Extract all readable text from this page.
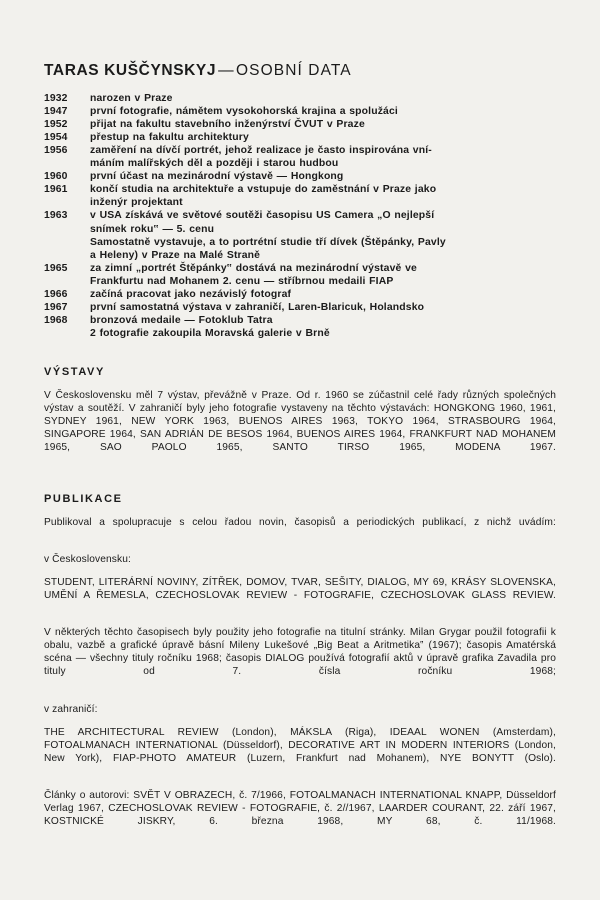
TARAS KUŠČYNSKYJ — OSOBNÍ DATA
1932	narozen v Praze
1947	první fotografie, námětem vysokohorská krajina a spolužáci
1952	přijat na fakultu stavebního inženýrství ČVUT v Praze
1954	přestup na fakultu architektury
1956	zaměření na dívčí portrét, jehož realizace je často inspirována vní-
máním malířských děl a později i starou hudbou
1960	první účast na mezinárodní výstavě — Hongkong
1961	končí studia na architektuře a vstupuje do zaměstnání v Praze jako
inženýr projektant
1963	v USA získává ve světové soutěži časopisu US Camera „O nejlepší
snímek roku‟ — 5. cenu
Samostatně vystavuje, a to portrétní studie tří dívek (Štěpánky, Pavly
a Heleny) v Praze na Malé Straně
1965	za zimní „portrét Štěpánky‟ dostává na mezinárodní výstavě ve
Frankfurtu nad Mohanem 2. cenu — stříbrnou medaili FIAP
1966	začíná pracovat jako nezávislý fotograf
1967	první samostatná výstava v zahraničí, Laren-Blaricuk, Holandsko
1968	bronzová medaile — Fotoklub Tatra
2 fotografie zakoupila Moravská galerie v Brně
VÝSTAVY

V Československu měl 7 výstav, převážně v Praze. Od r. 1960 se zúčastnil celé řady různých společných výstav a soutěží. V zahraničí byly jeho fotografie vystaveny na těchto výstavách: HONGKONG 1960, 1961, SYDNEY 1961, NEW YORK 1963, BUENOS AIRES 1963, TOKYO 1964, STRASBOURG 1964, SINGAPORE 1964, SAN ADRIÁN DE BESOS 1964, BUENOS AIRES 1964, FRANKFURT NAD MOHANEM 1965, SAO PAOLO 1965, SANTO TIRSO 1965, MODENA 1967.

PUBLIKACE

Publikoval a spolupracuje s celou řadou novin, časopisů a periodických publikací, z nichž uvádím:

v Československu:

STUDENT, LITERÁRNÍ NOVINY, ZÍTŘEK, DOMOV, TVAR, SEŠITY, DIALOG, MY 69, KRÁSY SLOVENSKA, UMĚNÍ A ŘEMESLA, CZECHOSLOVAK REVIEW - FOTOGRAFIE, CZECHOSLOVAK GLASS REVIEW.

V některých těchto časopisech byly použity jeho fotografie na titulní stránky. Milan Grygar použil fotografii k obalu, vazbě a grafické úpravě básní Mileny Lukešové „Big Beat a Aritmetika‟ (1967); časopis Amatérská scéna — všechny tituly ročníku 1968; časopis DIALOG používá fotografií aktů v úpravě grafika Zavadila pro tituly od 7. čísla ročníku 1968;

v zahraničí:

THE ARCHITECTURAL REVIEW (London), MÁKSLA (Riga), IDEAAL WONEN (Amsterdam), FOTOALMANACH INTERNATIONAL (Düsseldorf), DECORATIVE ART IN MODERN INTERIORS (London, New York), FIAP-PHOTO AMATEUR (Luzern, Frankfurt nad Mohanem), NYE BONYTT (Oslo).

Články o autorovi: SVĚT V OBRAZECH, č. 7/1966, FOTOALMANACH INTERNATIONAL KNAPP, Düsseldorf Verlag 1967, CZECHOSLOVAK REVIEW - FOTOGRAFIE, č. 2//1967, LAARDER COURANT, 22. září 1967, KOSTNICKÉ JISKRY, 6. března 1968, MY 68, č. 11/1968.
